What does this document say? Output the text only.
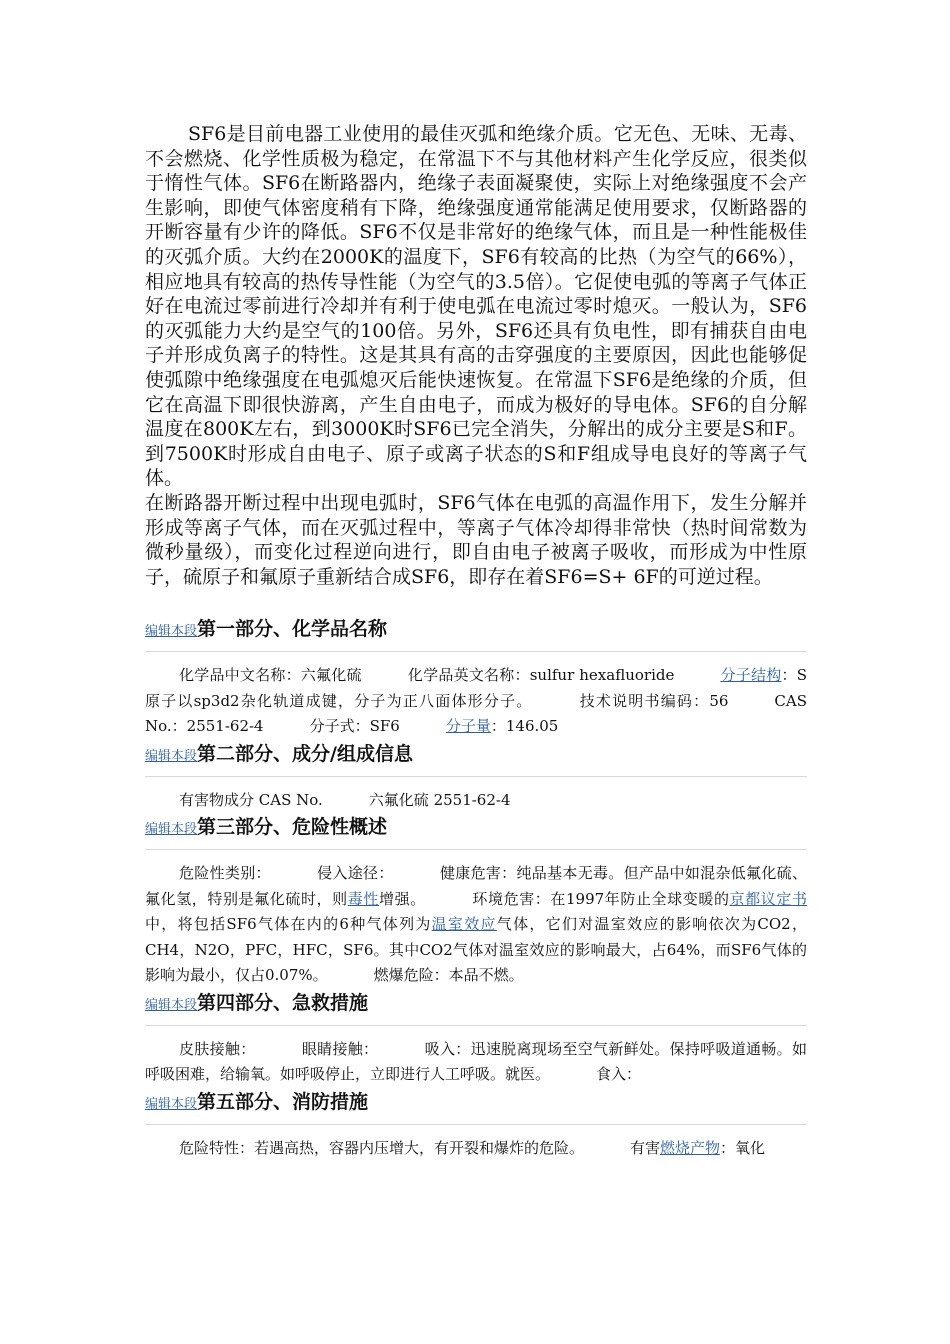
SF6是目前电器工业使用的最佳灭弧和绝缘介质。它无色、无味、无毒、不会燃烧、化学性质极为稳定，在常温下不与其他材料产生化学反应，很类似于惰性气体。SF6在断路器内，绝缘子表面凝聚使，实际上对绝缘强度不会产生影响，即使气体密度稍有下降，绝缘强度通常能满足使用要求，仅断路器的开断容量有少许的降低。SF6不仅是非常好的绝缘气体，而且是一种性能极佳的灭弧介质。大约在2000K的温度下，SF6有较高的比热（为空气的66%），相应地具有较高的热传导性能（为空气的3.5倍）。它促使电弧的等离子气体正好在电流过零前进行冷却并有利于使电弧在电流过零时熄灭。一般认为，SF6的灭弧能力大约是空气的100倍。另外，SF6还具有负电性，即有捕获自由电子并形成负离子的特性。这是其具有高的击穿强度的主要原因，因此也能够促使弧隙中绝缘强度在电弧熄灭后能快速恢复。在常温下SF6是绝缘的介质，但它在高温下即很快游离，产生自由电子，而成为极好的导电体。SF6的自分解温度在800K左右，到3000K时SF6已完全消失，分解出的成分主要是S和F。到7500K时形成自由电子、原子或离子状态的S和F组成导电良好的等离子气体。

在断路器开断过程中出现电弧时，SF6气体在电弧的高温作用下，发生分解并形成等离子气体，而在灭弧过程中，等离子气体冷却得非常快（热时间常数为微秒量级），而变化过程逆向进行，即自由电子被离子吸收，而形成为中性原子，硫原子和氟原子重新结合成SF6，即存在着SF6=S+ 6F的可逆过程。

编辑本段第一部分、化学品名称

化学品中文名称：六氟化硫	化学品英文名称：sulfur hexafluoride	分子结构：S原子以sp3d2杂化轨道成键，分子为正八面体形分子。	技术说明书编码：56	CAS No.：2551-62-4	分子式：SF6	分子量：146.05

编辑本段第二部分、成分/组成信息

有害物成分 CAS No.	六氟化硫 2551-62-4

编辑本段第三部分、危险性概述

危险性类别：	侵入途径：	健康危害：纯品基本无毒。但产品中如混杂低氟化硫、氟化氢，特别是氟化硫时，则毒性增强。	环境危害：在1997年防止全球变暖的京都议定书中，将包括SF6气体在内的6种气体列为温室效应气体，它们对温室效应的影响依次为CO2，CH4，N2O，PFC，HFC，SF6。其中CO2气体对温室效应的影响最大，占64%，而SF6气体的影响为最小，仅占0.07%。	燃爆危险：本品不燃。

编辑本段第四部分、急救措施

皮肤接触：	眼睛接触：	吸入：迅速脱离现场至空气新鲜处。保持呼吸道通畅。如呼吸困难，给输氧。如呼吸停止，立即进行人工呼吸。就医。	食入：

编辑本段第五部分、消防措施

危险特性：若遇高热，容器内压增大，有开裂和爆炸的危险。	有害燃烧产物：氧化
